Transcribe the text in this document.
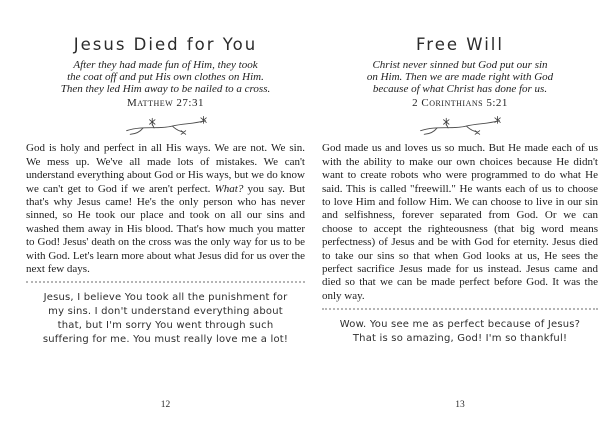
Jesus Died for You

After they had made fun of Him, they took
the coat off and put His own clothes on Him.
Then they led Him away to be nailed to a cross.

Matthew 27:31

God is holy and perfect in all His ways. We are not. We sin. We mess up. We've all made lots of mistakes. We can't understand everything about God or His ways, but we do know we can't get to God if we aren't perfect. What? you say. But that's why Jesus came! He's the only person who has never sinned, so He took our place and took on all our sins and washed them away in His blood. That's how much you matter to God! Jesus' death on the cross was the only way for us to be with God. Let's learn more about what Jesus did for us over the next few days.

Jesus, I believe You took all the punishment for
my sins. I don't understand everything about
that, but I'm sorry You went through such
suffering for me. You must really love me a lot!

12
Free Will

Christ never sinned but God put our sin
on Him. Then we are made right with God
because of what Christ has done for us.

2 Corinthians 5:21

God made us and loves us so much. But He made each of us with the ability to make our own choices because He didn't want to create robots who were programmed to do what He said. This is called "freewill." He wants each of us to choose to love Him and follow Him. We can choose to live in our sin and selfishness, forever separated from God. Or we can choose to accept the righteousness (that big word means perfectness) of Jesus and be with God for eternity. Jesus died to take our sins so that when God looks at us, He sees the perfect sacrifice Jesus made for us instead. Jesus came and died so that we can be made perfect before God. It was the only way.

Wow. You see me as perfect because of Jesus?
That is so amazing, God! I'm so thankful!

13
